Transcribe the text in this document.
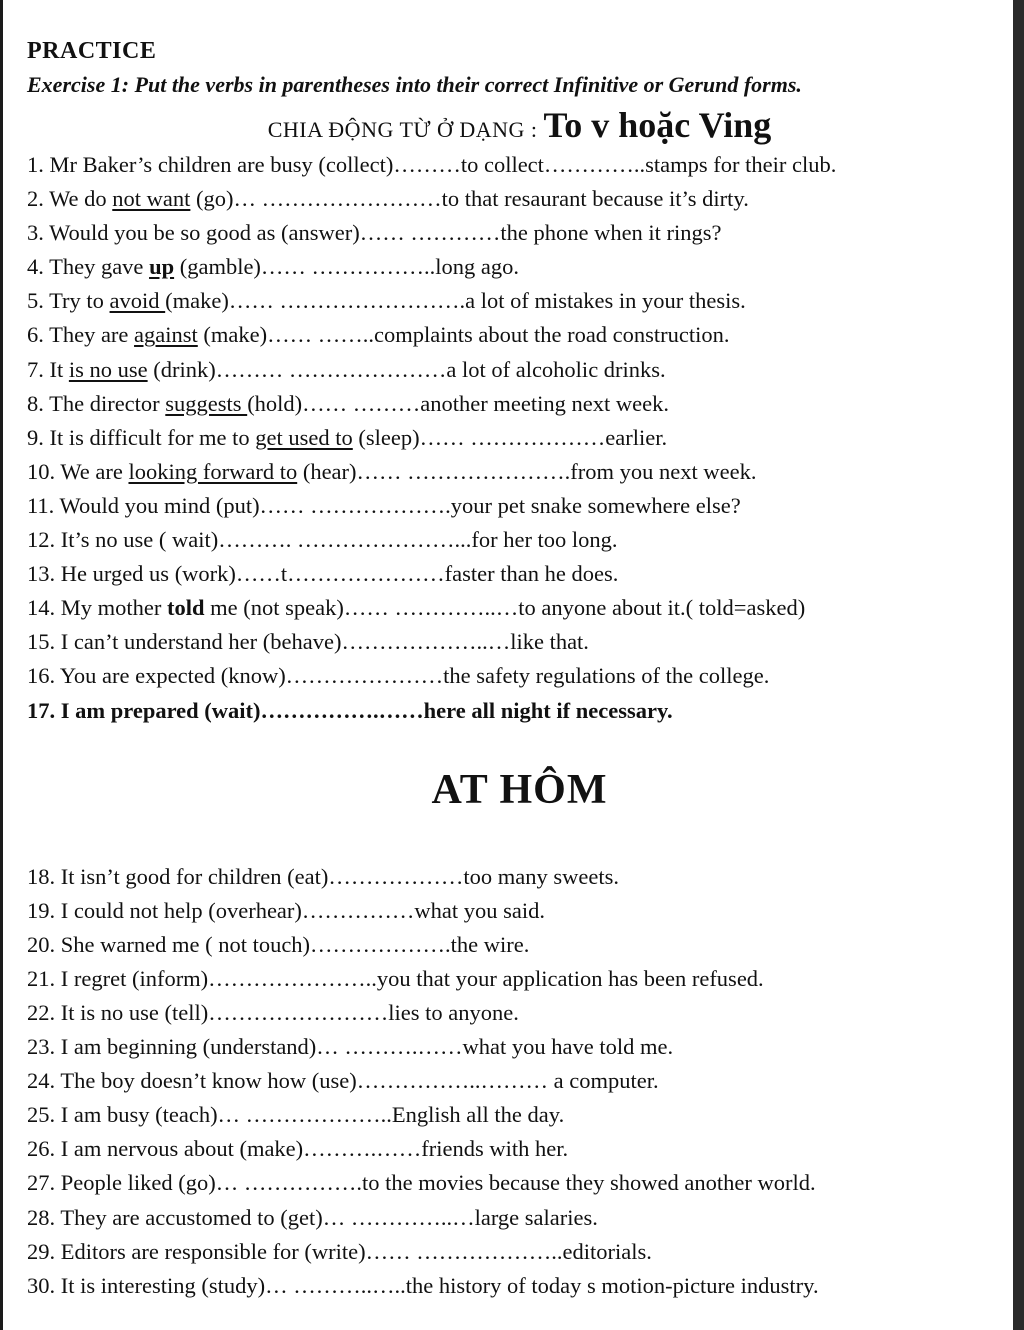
PRACTICE
Exercise 1: Put the verbs in parentheses into their correct Infinitive or Gerund forms.
CHIA ĐỘNG TỪ Ở DẠNG : To v hoặc Ving
1. Mr Baker’s children are busy (collect)………to collect…………..stamps for their club.
2. We do not want (go)… ……………………to that resaurant because it’s dirty.
3. Would you be so good as (answer)…… …………the phone when it rings?
4. They gave up (gamble)…… ……………..long ago.
5. Try to avoid (make)…… …………………….a lot of mistakes in your thesis.
6. They are against (make)…… ……..complaints about the road construction.
7. It is no use (drink)……… …………………a lot of alcoholic drinks.
8. The director suggests (hold)…… ………another meeting next week.
9. It is difficult for me to get used to (sleep)…… ………………earlier.
10. We are looking forward to (hear)…… ………………….from you next week.
11. Would you mind (put)…… ……………….your pet snake somewhere else?
12. It’s no use ( wait)………. …………………...for her too long.
13. He urged us (work)……t…………………faster than he does.
14. My mother told me (not speak)…… …………..…to anyone about it.( told=asked)
15. I can’t understand her (behave)………………..…like that.
16. You are expected (know)…………………the safety regulations of the college.
17. I am prepared (wait)…………….……here all night if necessary.
AT HÔM
18. It isn’t good for children (eat)………………too many sweets.
19. I could not help (overhear)……………what you said.
20. She warned me ( not touch)……………….the wire.
21. I regret (inform)…………………..you that your application has been refused.
22. It is no use (tell)……………………lies to anyone.
23. I am beginning (understand)… ……….……what you have told me.
24. The boy doesn’t know how (use)……………..……… a computer.
25. I am busy (teach)… ………………..English all the day.
26. I am nervous about (make)……….……friends with her.
27. People liked (go)… …………….to the movies because they showed another world.
28. They are accustomed to (get)… …………..…large salaries.
29. Editors are responsible for (write)…… ………………..editorials.
30. It is interesting (study)… ………..…..the history of today s motion-picture industry.
